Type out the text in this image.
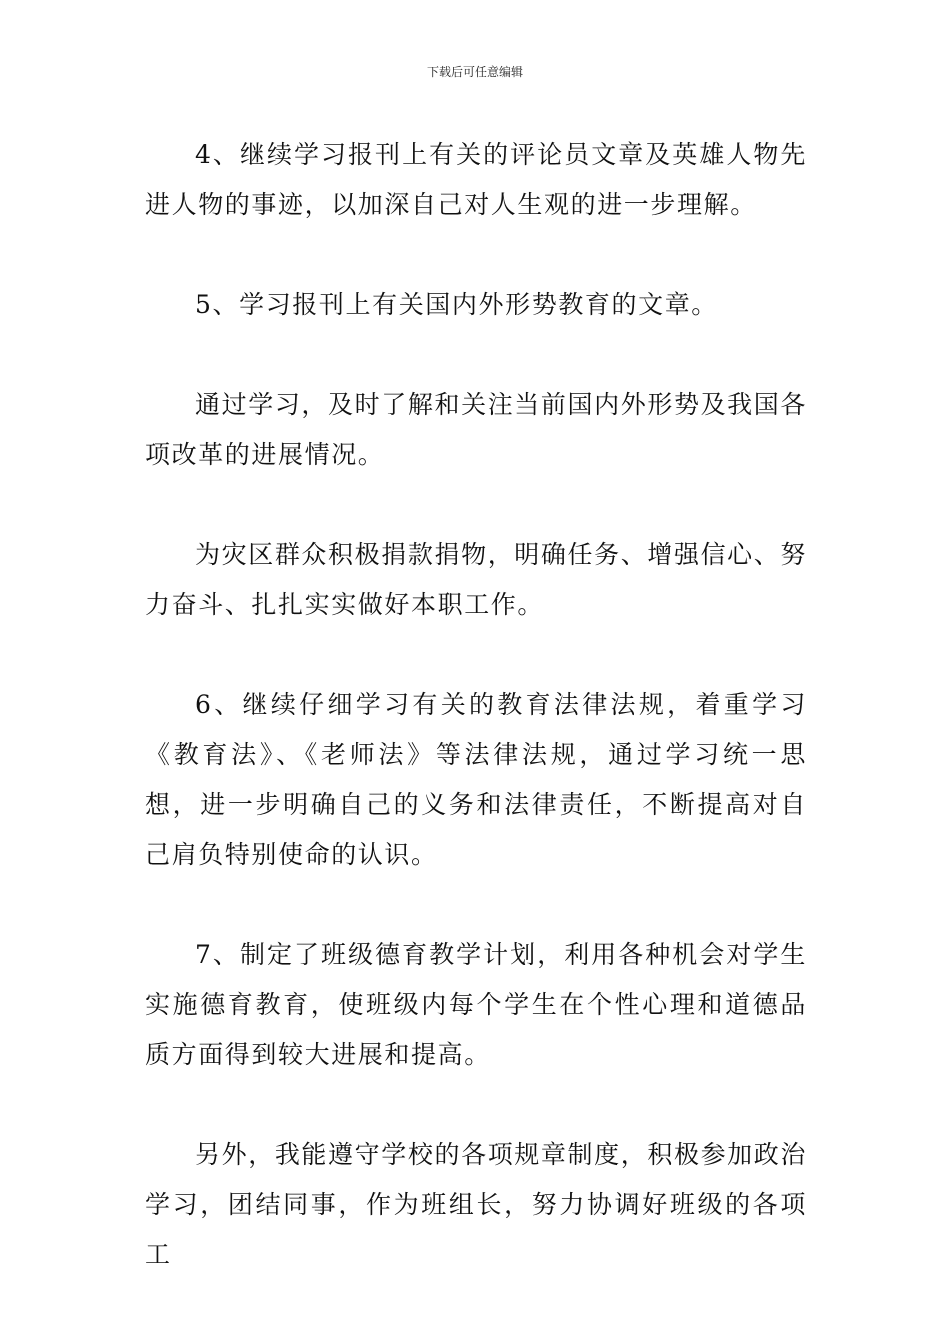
下载后可任意编辑

4、继续学习报刊上有关的评论员文章及英雄人物先进人物的事迹，以加深自己对人生观的进一步理解。

5、学习报刊上有关国内外形势教育的文章。

通过学习，及时了解和关注当前国内外形势及我国各项改革的进展情况。

为灾区群众积极捐款捐物，明确任务、增强信心、努力奋斗、扎扎实实做好本职工作。

6、继续仔细学习有关的教育法律法规，着重学习《教育法》、《老师法》等法律法规，通过学习统一思想，进一步明确自己的义务和法律责任，不断提高对自己肩负特别使命的认识。

7、制定了班级德育教学计划，利用各种机会对学生实施德育教育，使班级内每个学生在个性心理和道德品质方面得到较大进展和提高。

另外，我能遵守学校的各项规章制度，积极参加政治学习，团结同事，作为班组长，努力协调好班级的各项工
